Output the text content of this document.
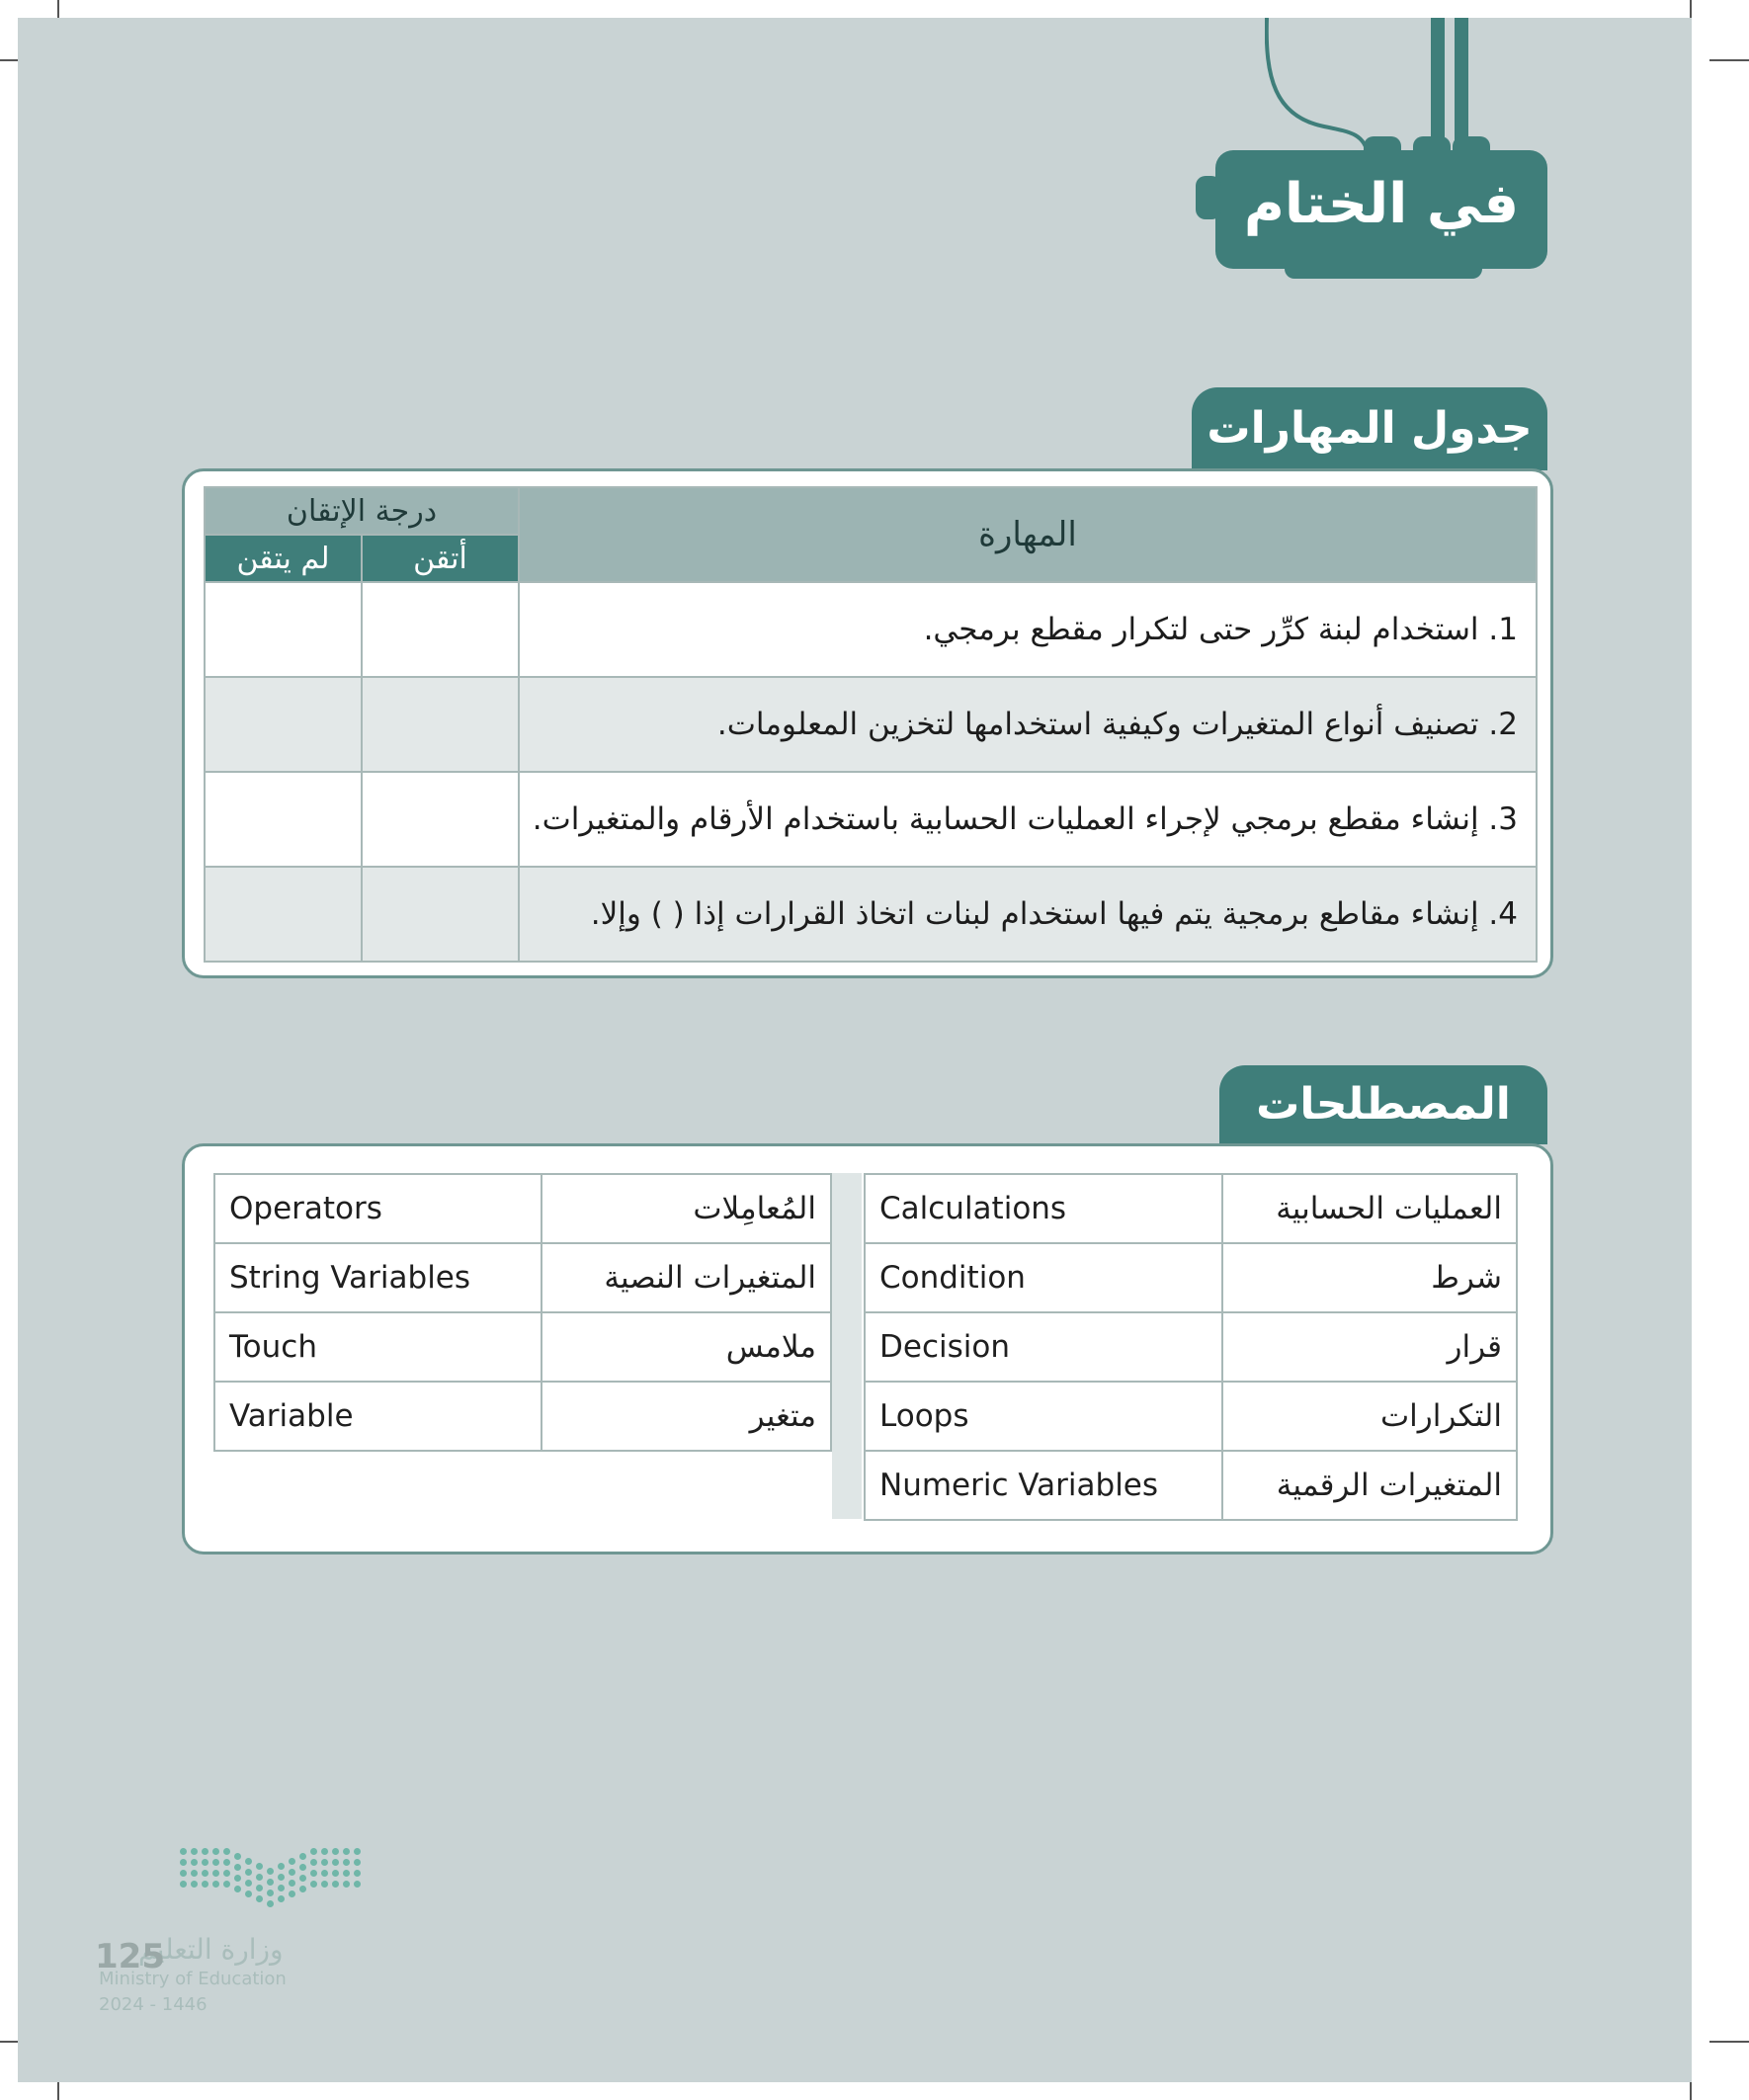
في الختام
جدول المهارات
درجة الإتقان		المهارة
لم يتقن	أتقن	
		1. استخدام لبنة كرِّر حتى لتكرار مقطع برمجي.
		2. تصنيف أنواع المتغيرات وكيفية استخدامها لتخزين المعلومات.
		3. إنشاء مقطع برمجي لإجراء العمليات الحسابية باستخدام الأرقام والمتغيرات.
		4. إنشاء مقاطع برمجية يتم فيها استخدام لبنات اتخاذ القرارات إذا ( ) وإلا.
المصطلحات
Calculations	العمليات الحسابية
Condition	شرط
Decision	قرار
Loops	التكرارات
Numeric Variables	المتغيرات الرقمية
Operators	المُعامِلات
String Variables	المتغيرات النصية
Touch	ملامس
Variable	متغير
وزارة التعليم
Ministry of Education
2024 - 1446
125
